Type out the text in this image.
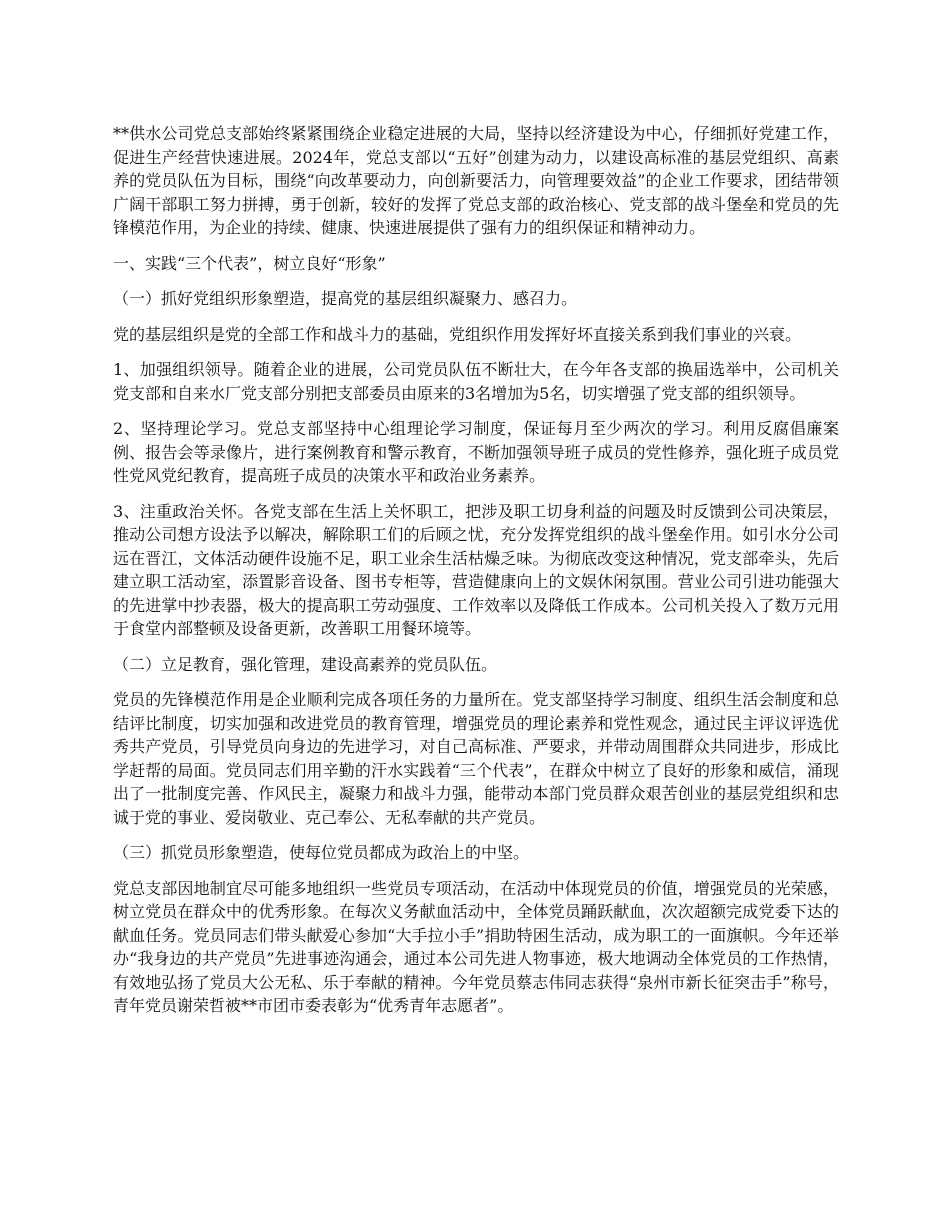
**供水公司党总支部始终紧紧围绕企业稳定进展的大局，坚持以经济建设为中心，仔细抓好党建工作，促进生产经营快速进展。2024年，党总支部以“五好”创建为动力，以建设高标准的基层党组织、高素养的党员队伍为目标，围绕“向改革要动力，向创新要活力，向管理要效益”的企业工作要求，团结带领广阔干部职工努力拼搏，勇于创新，较好的发挥了党总支部的政治核心、党支部的战斗堡垒和党员的先锋模范作用，为企业的持续、健康、快速进展提供了强有力的组织保证和精神动力。

一、实践“三个代表”，树立良好“形象”

（一）抓好党组织形象塑造，提高党的基层组织凝聚力、感召力。

党的基层组织是党的全部工作和战斗力的基础，党组织作用发挥好坏直接关系到我们事业的兴衰。

1、加强组织领导。随着企业的进展，公司党员队伍不断壮大，在今年各支部的换届选举中，公司机关党支部和自来水厂党支部分别把支部委员由原来的3名增加为5名，切实增强了党支部的组织领导。

2、坚持理论学习。党总支部坚持中心组理论学习制度，保证每月至少两次的学习。利用反腐倡廉案例、报告会等录像片，进行案例教育和警示教育，不断加强领导班子成员的党性修养，强化班子成员党性党风党纪教育，提高班子成员的决策水平和政治业务素养。

3、注重政治关怀。各党支部在生活上关怀职工，把涉及职工切身利益的问题及时反馈到公司决策层，推动公司想方设法予以解决，解除职工们的后顾之忧，充分发挥党组织的战斗堡垒作用。如引水分公司远在晋江，文体活动硬件设施不足，职工业余生活枯燥乏味。为彻底改变这种情况，党支部牵头，先后建立职工活动室，添置影音设备、图书专柜等，营造健康向上的文娱休闲氛围。营业公司引进功能强大的先进掌中抄表器，极大的提高职工劳动强度、工作效率以及降低工作成本。公司机关投入了数万元用于食堂内部整顿及设备更新，改善职工用餐环境等。

（二）立足教育，强化管理，建设高素养的党员队伍。

党员的先锋模范作用是企业顺利完成各项任务的力量所在。党支部坚持学习制度、组织生活会制度和总结评比制度，切实加强和改进党员的教育管理，增强党员的理论素养和党性观念，通过民主评议评选优秀共产党员，引导党员向身边的先进学习，对自己高标准、严要求，并带动周围群众共同进步，形成比学赶帮的局面。党员同志们用辛勤的汗水实践着“三个代表”，在群众中树立了良好的形象和威信，涌现出了一批制度完善、作风民主，凝聚力和战斗力强，能带动本部门党员群众艰苦创业的基层党组织和忠诚于党的事业、爱岗敬业、克己奉公、无私奉献的共产党员。

（三）抓党员形象塑造，使每位党员都成为政治上的中坚。

党总支部因地制宜尽可能多地组织一些党员专项活动，在活动中体现党员的价值，增强党员的光荣感，树立党员在群众中的优秀形象。在每次义务献血活动中，全体党员踊跃献血，次次超额完成党委下达的献血任务。党员同志们带头献爱心参加“大手拉小手”捐助特困生活动，成为职工的一面旗帜。今年还举办“我身边的共产党员”先进事迹沟通会，通过本公司先进人物事迹，极大地调动全体党员的工作热情，有效地弘扬了党员大公无私、乐于奉献的精神。今年党员蔡志伟同志获得“泉州市新长征突击手”称号，青年党员谢荣哲被**市团市委表彰为“优秀青年志愿者”。
